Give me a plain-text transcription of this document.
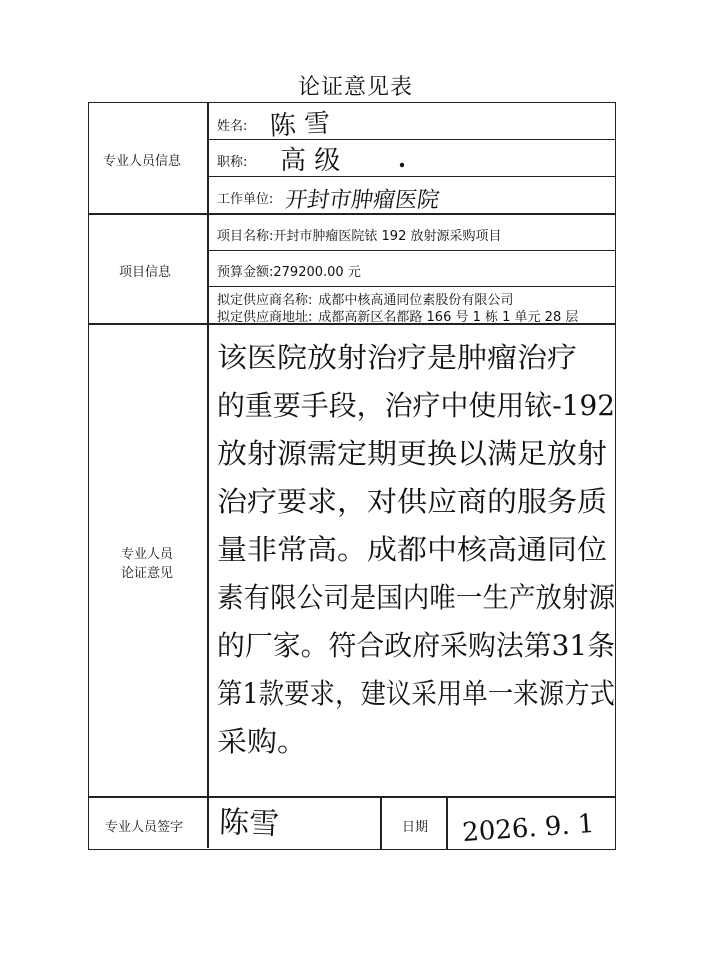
论证意见表
专业人员信息
项目信息
专业人员
论证意见
专业人员签字
姓名:
职称:
工作单位:
项目名称:开封市肿瘤医院铱 192 放射源采购项目
预算金额:279200.00 元
拟定供应商名称: 成都中核高通同位素股份有限公司
拟定供应商地址: 成都高新区名都路 166 号 1 栋 1 单元 28 层
日期
陈 雪
高 级
开封市肿瘤医院
该医院放射治疗是肿瘤治疗
的重要手段，治疗中使用铱-192
放射源需定期更换以满足放射
治疗要求，对供应商的服务质
量非常高。成都中核高通同位
素有限公司是国内唯一生产放射源
的厂家。符合政府采购法第31条
第1款要求，建议采用单一来源方式
采购。
陈雪	2026. 9. 1
